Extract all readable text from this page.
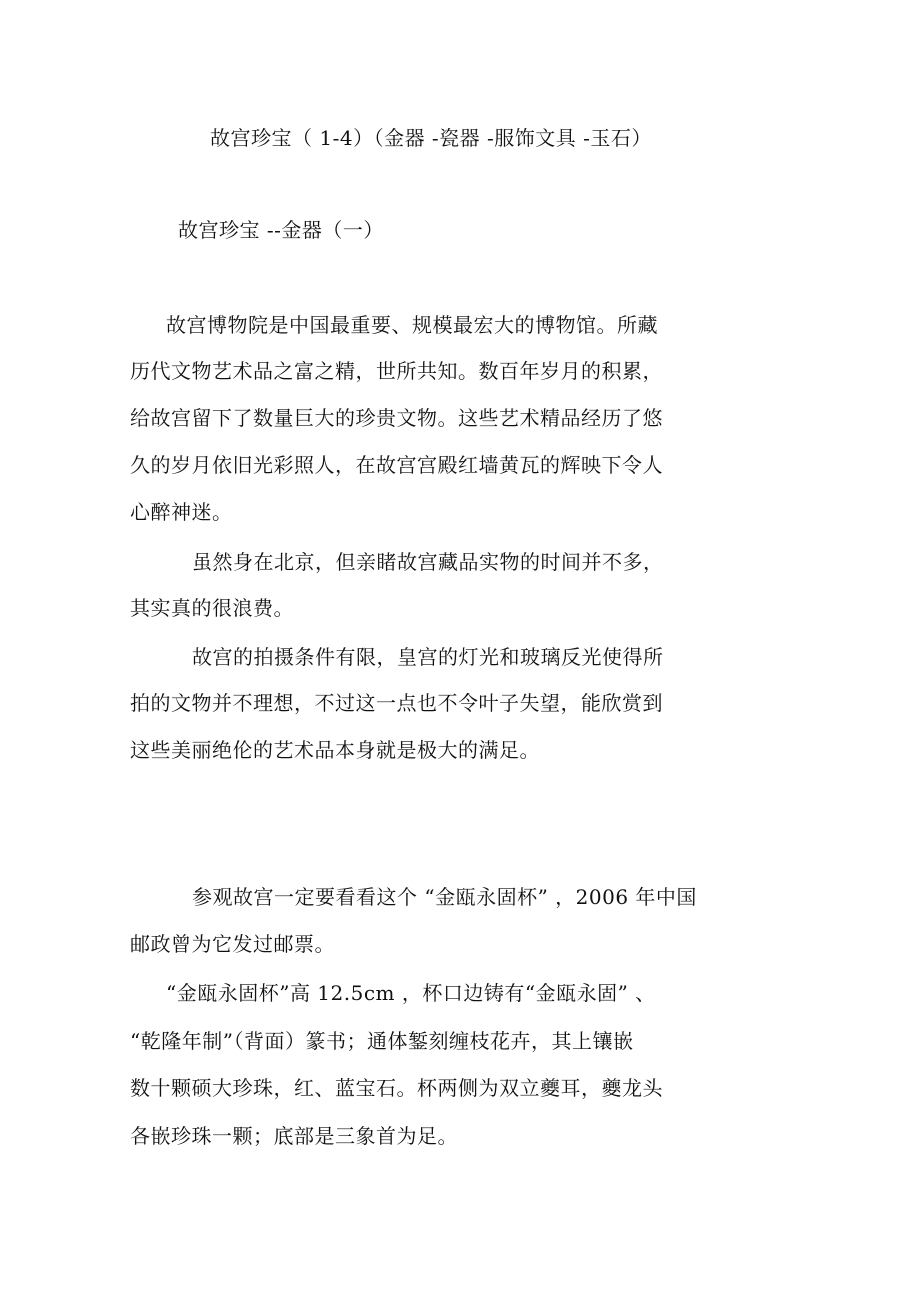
故宫珍宝（ 1-4）（金器 -瓷器 -服饰文具 -玉石）
故宫珍宝 --金器（一）
故宫博物院是中国最重要、规模最宏大的博物馆。所藏
历代文物艺术品之富之精，世所共知。数百年岁月的积累，
给故宫留下了数量巨大的珍贵文物。这些艺术精品经历了悠
久的岁月依旧光彩照人，在故宫宫殿红墙黄瓦的辉映下令人
心醉神迷。
虽然身在北京，但亲睹故宫藏品实物的时间并不多，
其实真的很浪费。
故宫的拍摄条件有限，皇宫的灯光和玻璃反光使得所
拍的文物并不理想，不过这一点也不令叶子失望，能欣赏到
这些美丽绝伦的艺术品本身就是极大的满足。
参观故宫一定要看看这个 “金瓯永固杯” ，2006 年中国
邮政曾为它发过邮票。
“金瓯永固杯”高 12.5cm ，杯口边铸有“金瓯永固” 、
“乾隆年制”（背面）篆书；通体錾刻缠枝花卉，其上镶嵌
数十颗硕大珍珠，红、蓝宝石。杯两侧为双立夔耳，夔龙头
各嵌珍珠一颗；底部是三象首为足。
